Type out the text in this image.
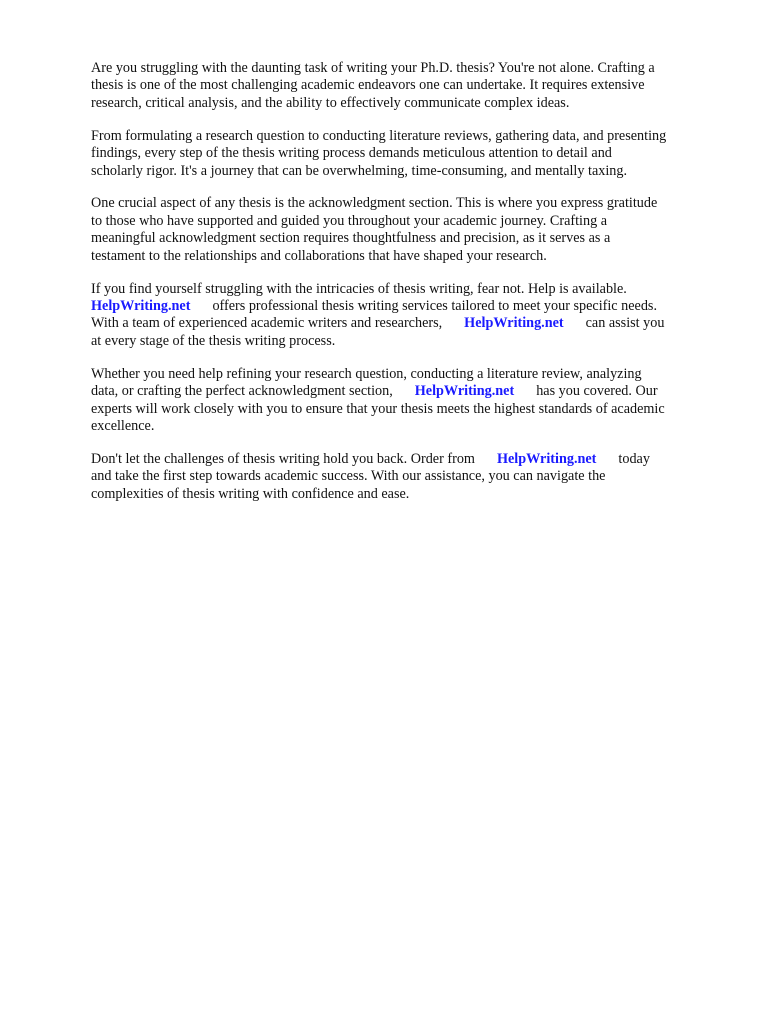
Are you struggling with the daunting task of writing your Ph.D. thesis? You're not alone. Crafting a
thesis is one of the most challenging academic endeavors one can undertake. It requires extensive
research, critical analysis, and the ability to effectively communicate complex ideas.

From formulating a research question to conducting literature reviews, gathering data, and presenting
findings, every step of the thesis writing process demands meticulous attention to detail and
scholarly rigor. It's a journey that can be overwhelming, time-consuming, and mentally taxing.

One crucial aspect of any thesis is the acknowledgment section. This is where you express gratitude
to those who have supported and guided you throughout your academic journey. Crafting a
meaningful acknowledgment section requires thoughtfulness and precision, as it serves as a
testament to the relationships and collaborations that have shaped your research.

If you find yourself struggling with the intricacies of thesis writing, fear not. Help is available.
HelpWriting.net offers professional thesis writing services tailored to meet your specific needs.
With a team of experienced academic writers and researchers, HelpWriting.net can assist you
at every stage of the thesis writing process.

Whether you need help refining your research question, conducting a literature review, analyzing
data, or crafting the perfect acknowledgment section, HelpWriting.net has you covered. Our
experts will work closely with you to ensure that your thesis meets the highest standards of academic
excellence.

Don't let the challenges of thesis writing hold you back. Order from HelpWriting.net today
and take the first step towards academic success. With our assistance, you can navigate the
complexities of thesis writing with confidence and ease.
